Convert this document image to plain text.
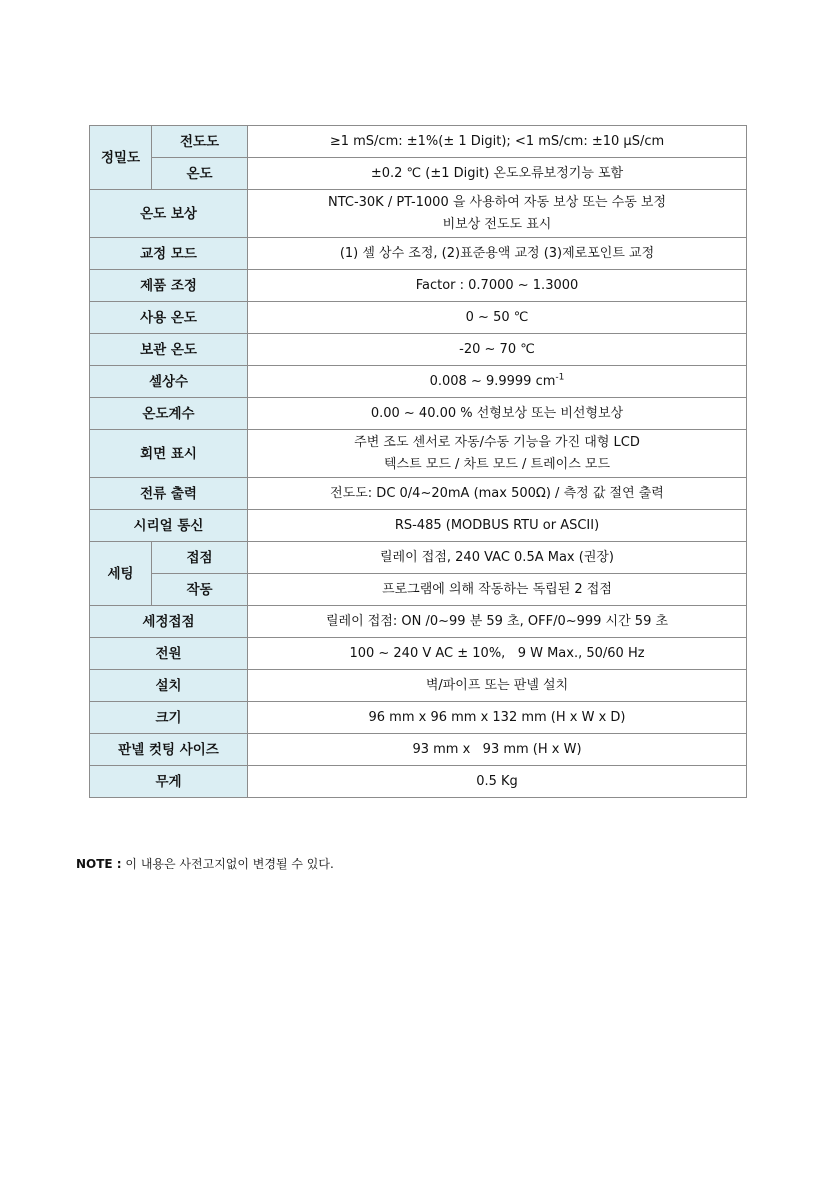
정밀도	전도도	≥1 mS/cm: ±1%(± 1 Digit); <1 mS/cm: ±10 µS/cm
	온도	±0.2 ℃ (±1 Digit) 온도오류보정기능 포함
온도 보상		NTC-30K / PT-1000 을 사용하여 자동 보상 또는 수동 보정
비보상 전도도 표시

교정 모드		(1) 셀 상수 조정, (2)표준용액 교정 (3)제로포인트 교정
제품 조정		Factor : 0.7000 ~ 1.3000
사용 온도		0 ~ 50 ℃
보관 온도		-20 ~ 70 ℃
셀상수		0.008 ~ 9.9999 $cm^{-1}$
온도계수		0.00 ~ 40.00 % 선형보상 또는 비선형보상
회면 표시		주변 조도 센서로 자동/수동 기능을 가진 대형 LCD
텍스트 모드 / 차트 모드 / 트레이스 모드

전류 출력		전도도: DC 0/4~20mA (max 500Ω) / 측정 값 절연 출력
시리얼 통신		RS-485 (MODBUS RTU or ASCII)
세팅	접점	릴레이 접점, 240 VAC 0.5A Max (권장)
	작동	프로그램에 의해 작동하는 독립된 2 접점
세정접점		릴레이 접점: ON /0~99 분 59 초, OFF/0~999 시간 59 초
전원		100 ~ 240 V AC ± 10%,   9 W Max., 50/60 Hz
설치		벽/파이프 또는 판넬 설치
크기		96 mm x 96 mm x 132 mm (H x W x D)
판넬 컷팅 사이즈		93 mm x   93 mm (H x W)
무게		0.5 Kg
NOTE : 이 내용은 사전고지없이 변경될 수 있다.
